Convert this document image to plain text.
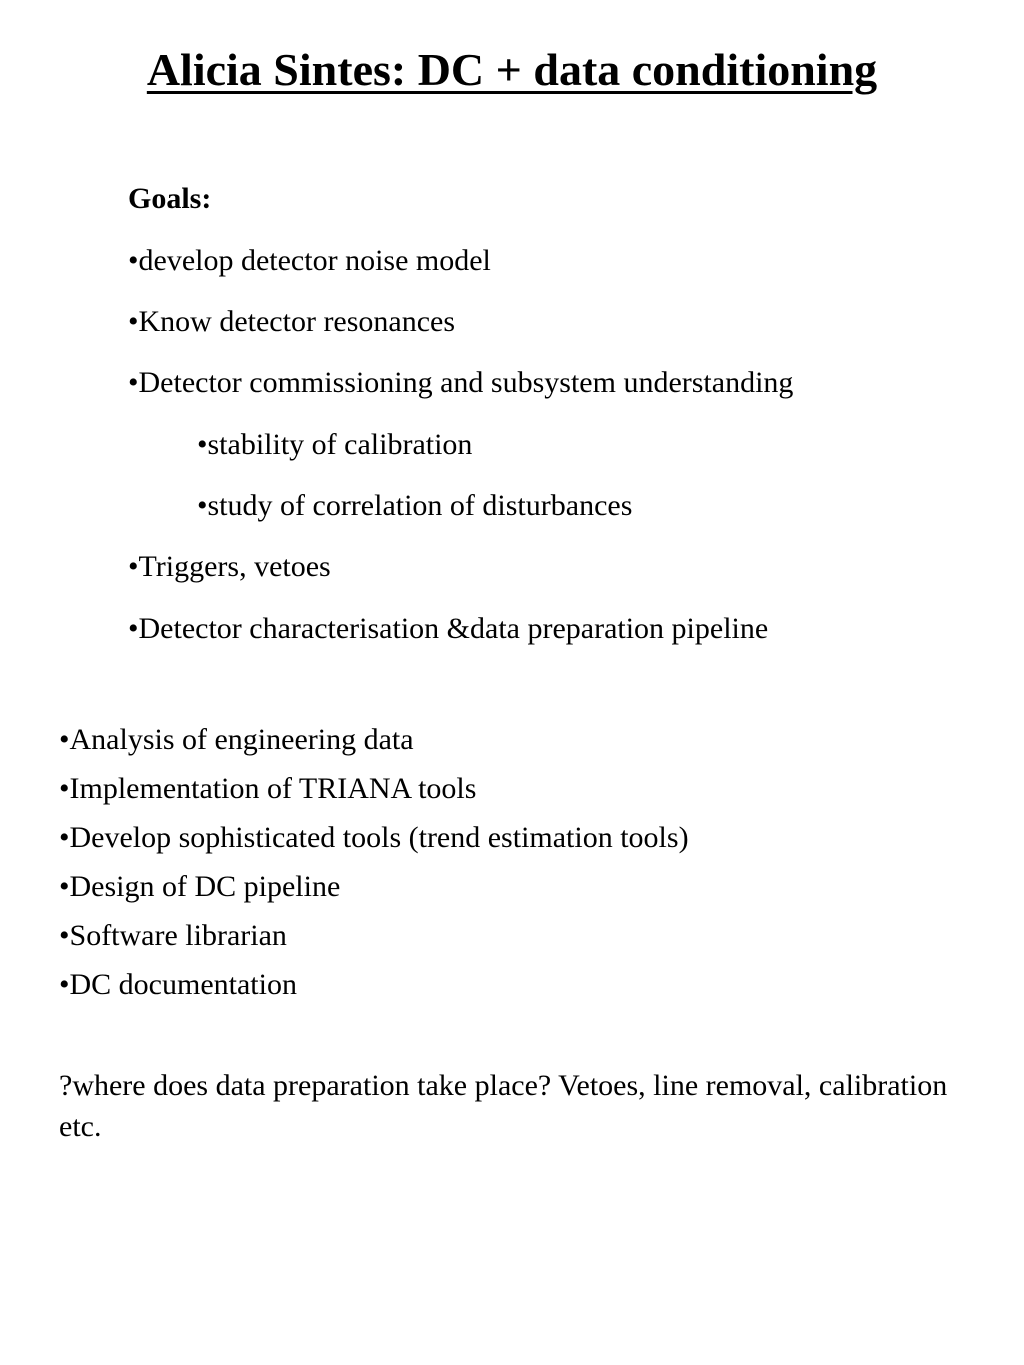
Alicia Sintes: DC + data conditioning
Goals:
•develop detector noise model
•Know detector resonances
•Detector commissioning and subsystem understanding
•stability of calibration
•study of correlation of disturbances
•Triggers, vetoes
•Detector characterisation &data preparation pipeline
•Analysis of engineering data
•Implementation of TRIANA tools
•Develop sophisticated tools (trend estimation tools)
•Design of DC pipeline
•Software librarian
•DC documentation
?where does data preparation take place? Vetoes, line removal, calibration etc.
